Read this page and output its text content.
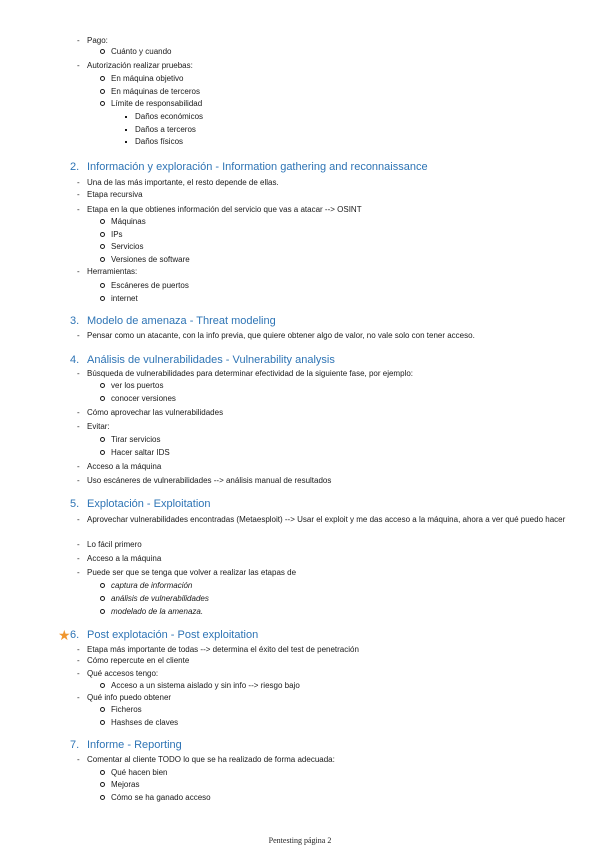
- Pago:
Cuánto y cuando
- Autorización realizar pruebas:
En máquina objetivo
En máquinas de terceros
Límite de responsabilidad
Daños económicos
Daños a terceros
Daños físicos
2. Información y exploración - Information gathering and reconnaissance
- Una de las más importante, el resto depende de ellas.
- Etapa recursiva
- Etapa en la que obtienes información del servicio que vas a atacar --> OSINT
Máquinas
IPs
Servicios
Versiones de software
- Herramientas:
Escáneres de puertos
internet
3. Modelo de amenaza - Threat modeling
- Pensar como un atacante, con la info previa, que quiere obtener algo de valor, no vale solo con tener acceso.
4. Análisis de vulnerabilidades - Vulnerability analysis
- Búsqueda de vulnerabilidades para determinar efectividad de la siguiente fase, por ejemplo:
ver los puertos
conocer versiones
- Cómo aprovechar las vulnerabilidades
- Evitar:
Tirar servicios
Hacer saltar IDS
- Acceso a la máquina
- Uso escáneres de vulnerabilidades --> análisis manual de resultados
5. Explotación - Exploitation
- Aprovechar vulnerabilidades encontradas (Metaesploit) --> Usar el exploit y me das acceso a la máquina, ahora a ver qué puedo hacer
- Lo fácil primero
- Acceso a la máquina
- Puede ser que se tenga que volver a realizar las etapas de
captura de información
análisis de vulnerabilidades
modelado de la amenaza.
★ 6. Post explotación - Post exploitation
- Etapa más importante de todas --> determina el éxito del test de penetración
- Cómo repercute en el cliente
- Qué accesos tengo:
Acceso a un sistema aislado y sin info --> riesgo bajo
- Qué info puedo obtener
Ficheros
Hashses de claves
7. Informe - Reporting
- Comentar al cliente TODO lo que se ha realizado de forma adecuada:
Qué hacen bien
Mejoras
Cómo se ha ganado acceso
Pentesting página 2
